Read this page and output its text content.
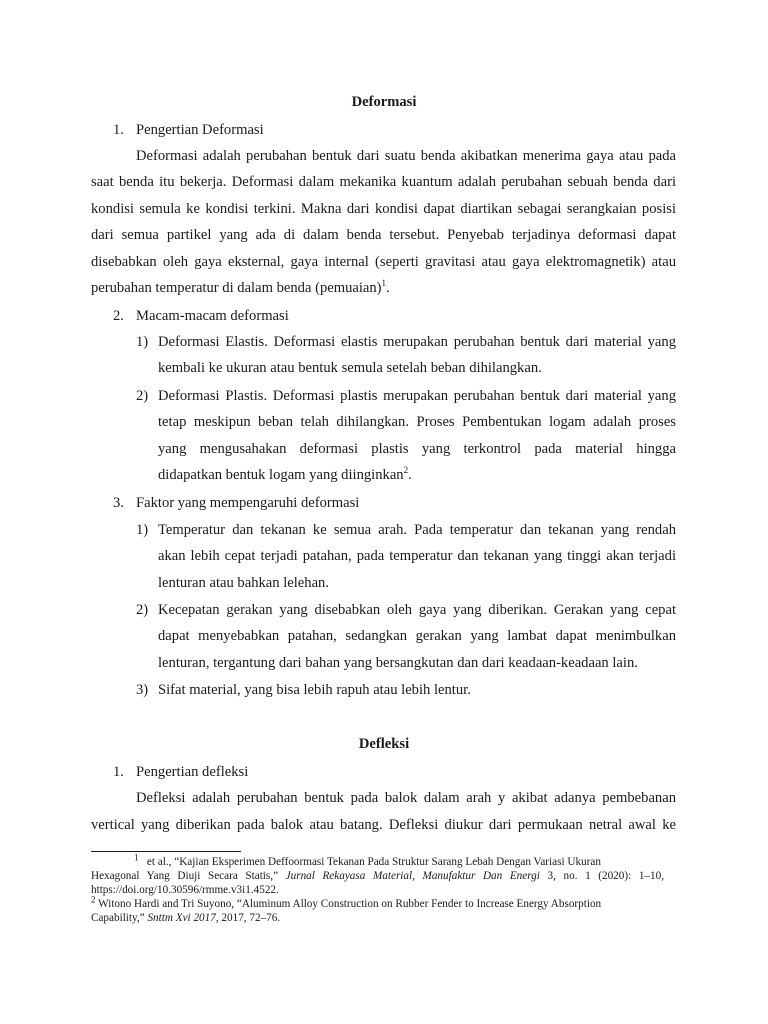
Deformasi
1. Pengertian Deformasi
Deformasi adalah perubahan bentuk dari suatu benda akibatkan menerima gaya atau pada
saat benda itu bekerja. Deformasi dalam mekanika kuantum adalah perubahan sebuah benda dari
kondisi semula ke kondisi terkini. Makna dari kondisi dapat diartikan sebagai serangkaian posisi
dari semua partikel yang ada di dalam benda tersebut. Penyebab terjadinya deformasi dapat
disebabkan oleh gaya eksternal, gaya internal (seperti gravitasi atau gaya elektromagnetik) atau
perubahan temperatur di dalam benda (pemuaian)$^1$.
2. Macam-macam deformasi
1) Deformasi Elastis. Deformasi elastis merupakan perubahan bentuk dari material yang
kembali ke ukuran atau bentuk semula setelah beban dihilangkan.
2) Deformasi Plastis. Deformasi plastis merupakan perubahan bentuk dari material yang
tetap meskipun beban telah dihilangkan. Proses Pembentukan logam adalah proses
yang mengusahakan deformasi plastis yang terkontrol pada material hingga
didapatkan bentuk logam yang diinginkan$^2$.
3. Faktor yang mempengaruhi deformasi
1) Temperatur dan tekanan ke semua arah. Pada temperatur dan tekanan yang rendah
akan lebih cepat terjadi patahan, pada temperatur dan tekanan yang tinggi akan terjadi
lenturan atau bahkan lelehan.
2) Kecepatan gerakan yang disebabkan oleh gaya yang diberikan. Gerakan yang cepat
dapat menyebabkan patahan, sedangkan gerakan yang lambat dapat menimbulkan
lenturan, tergantung dari bahan yang bersangkutan dan dari keadaan-keadaan lain.
3) Sifat material, yang bisa lebih rapuh atau lebih lentur.
Defleksi
1. Pengertian defleksi
Defleksi adalah perubahan bentuk pada balok dalam arah y akibat adanya pembebanan
vertical yang diberikan pada balok atau batang. Defleksi diukur dari permukaan netral awal ke
$^1$ et al., “Kajian Eksperimen Deffoormasi Tekanan Pada Struktur Sarang Lebah Dengan Variasi Ukuran
Hexagonal Yang Diuji Secara Statis,” Jurnal Rekayasa Material, Manufaktur Dan Energi 3, no. 1 (2020): 1–10,
https://doi.org/10.30596/rmme.v3i1.4522.
$^2$ Witono Hardi and Tri Suyono, “Aluminum Alloy Construction on Rubber Fender to Increase Energy Absorption
Capability,” Snttm Xvi 2017, 2017, 72–76.
